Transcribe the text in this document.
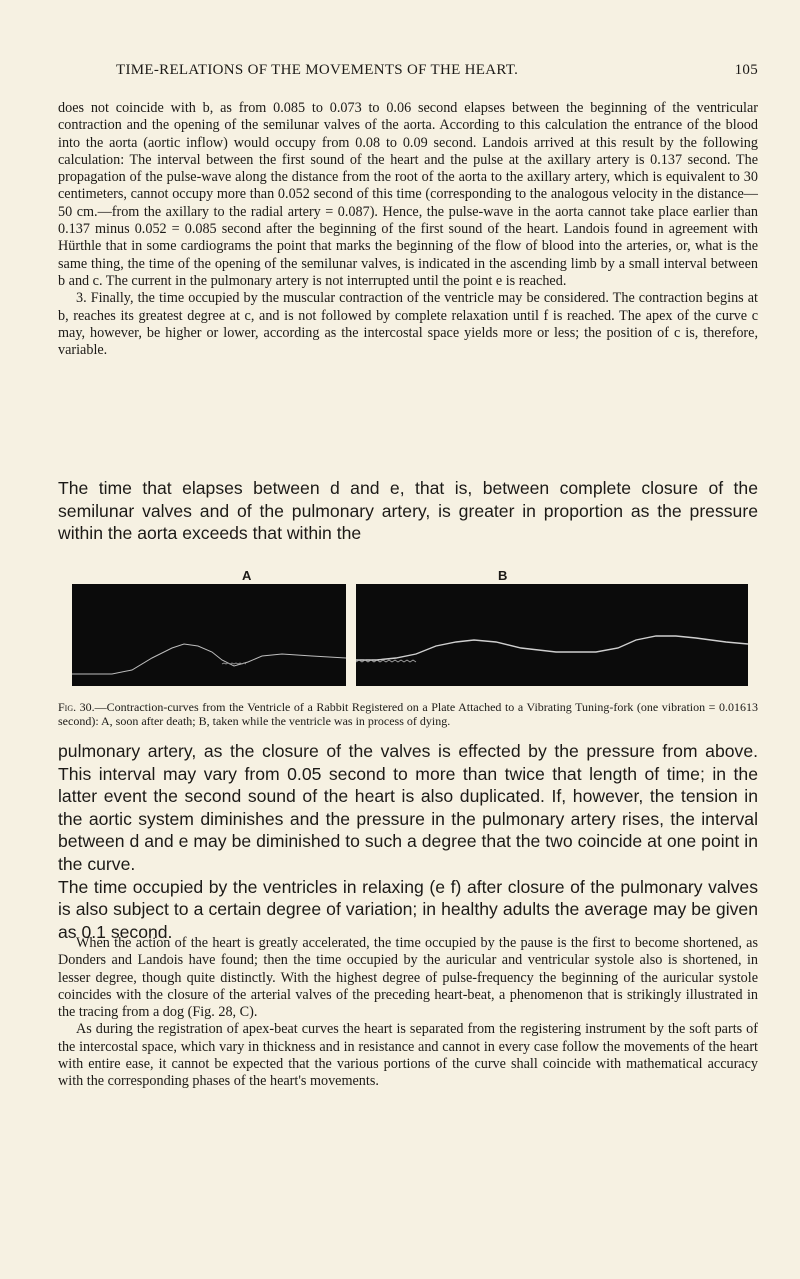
TIME-RELATIONS OF THE MOVEMENTS OF THE HEART.	105

does not coincide with b, as from 0.085 to 0.073 to 0.06 second elapses between the beginning of the ventricular contraction and the opening of the semilunar valves of the aorta. According to this calculation the entrance of the blood into the aorta (aortic inflow) would occupy from 0.08 to 0.09 second. Landois arrived at this result by the following calculation: The interval between the first sound of the heart and the pulse at the axillary artery is 0.137 second. The propagation of the pulse-wave along the distance from the root of the aorta to the axillary artery, which is equivalent to 30 centimeters, cannot occupy more than 0.052 second of this time (corresponding to the analogous velocity in the distance—50 cm.—from the axillary to the radial artery = 0.087). Hence, the pulse-wave in the aorta cannot take place earlier than 0.137 minus 0.052 = 0.085 second after the beginning of the first sound of the heart. Landois found in agreement with Hürthle that in some cardiograms the point that marks the beginning of the flow of blood into the arteries, or, what is the same thing, the time of the opening of the semilunar valves, is indicated in the ascending limb by a small interval between b and c. The current in the pulmonary artery is not interrupted until the point e is reached.

3. Finally, the time occupied by the muscular contraction of the ventricle may be considered. The contraction begins at b, reaches its greatest degree at c, and is not followed by complete relaxation until f is reached. The apex of the curve c may, however, be higher or lower, according as the intercostal space yields more or less; the position of c is, therefore, variable.

The time that elapses between d and e, that is, between complete closure of the semilunar valves and of the pulmonary artery, is greater in proportion as the pressure within the aorta exceeds that within the

A	B
Fig. 30.—Contraction-curves from the Ventricle of a Rabbit Registered on a Plate Attached to a Vibrating Tuning-fork (one vibration = 0.01613 second): A, soon after death; B, taken while the ventricle was in process of dying.

pulmonary artery, as the closure of the valves is effected by the pressure from above. This interval may vary from 0.05 second to more than twice that length of time; in the latter event the second sound of the heart is also duplicated. If, however, the tension in the aortic system diminishes and the pressure in the pulmonary artery rises, the interval between d and e may be diminished to such a degree that the two coincide at one point in the curve.

The time occupied by the ventricles in relaxing (e f) after closure of the pulmonary valves is also subject to a certain degree of variation; in healthy adults the average may be given as 0.1 second.

When the action of the heart is greatly accelerated, the time occupied by the pause is the first to become shortened, as Donders and Landois have found; then the time occupied by the auricular and ventricular systole also is shortened, in lesser degree, though quite distinctly. With the highest degree of pulse-frequency the beginning of the auricular systole coincides with the closure of the arterial valves of the preceding heart-beat, a phenomenon that is strikingly illustrated in the tracing from a dog (Fig. 28, C).

As during the registration of apex-beat curves the heart is separated from the registering instrument by the soft parts of the intercostal space, which vary in thickness and in resistance and cannot in every case follow the movements of the heart with entire ease, it cannot be expected that the various portions of the curve shall coincide with mathematical accuracy with the corresponding phases of the heart's movements.
